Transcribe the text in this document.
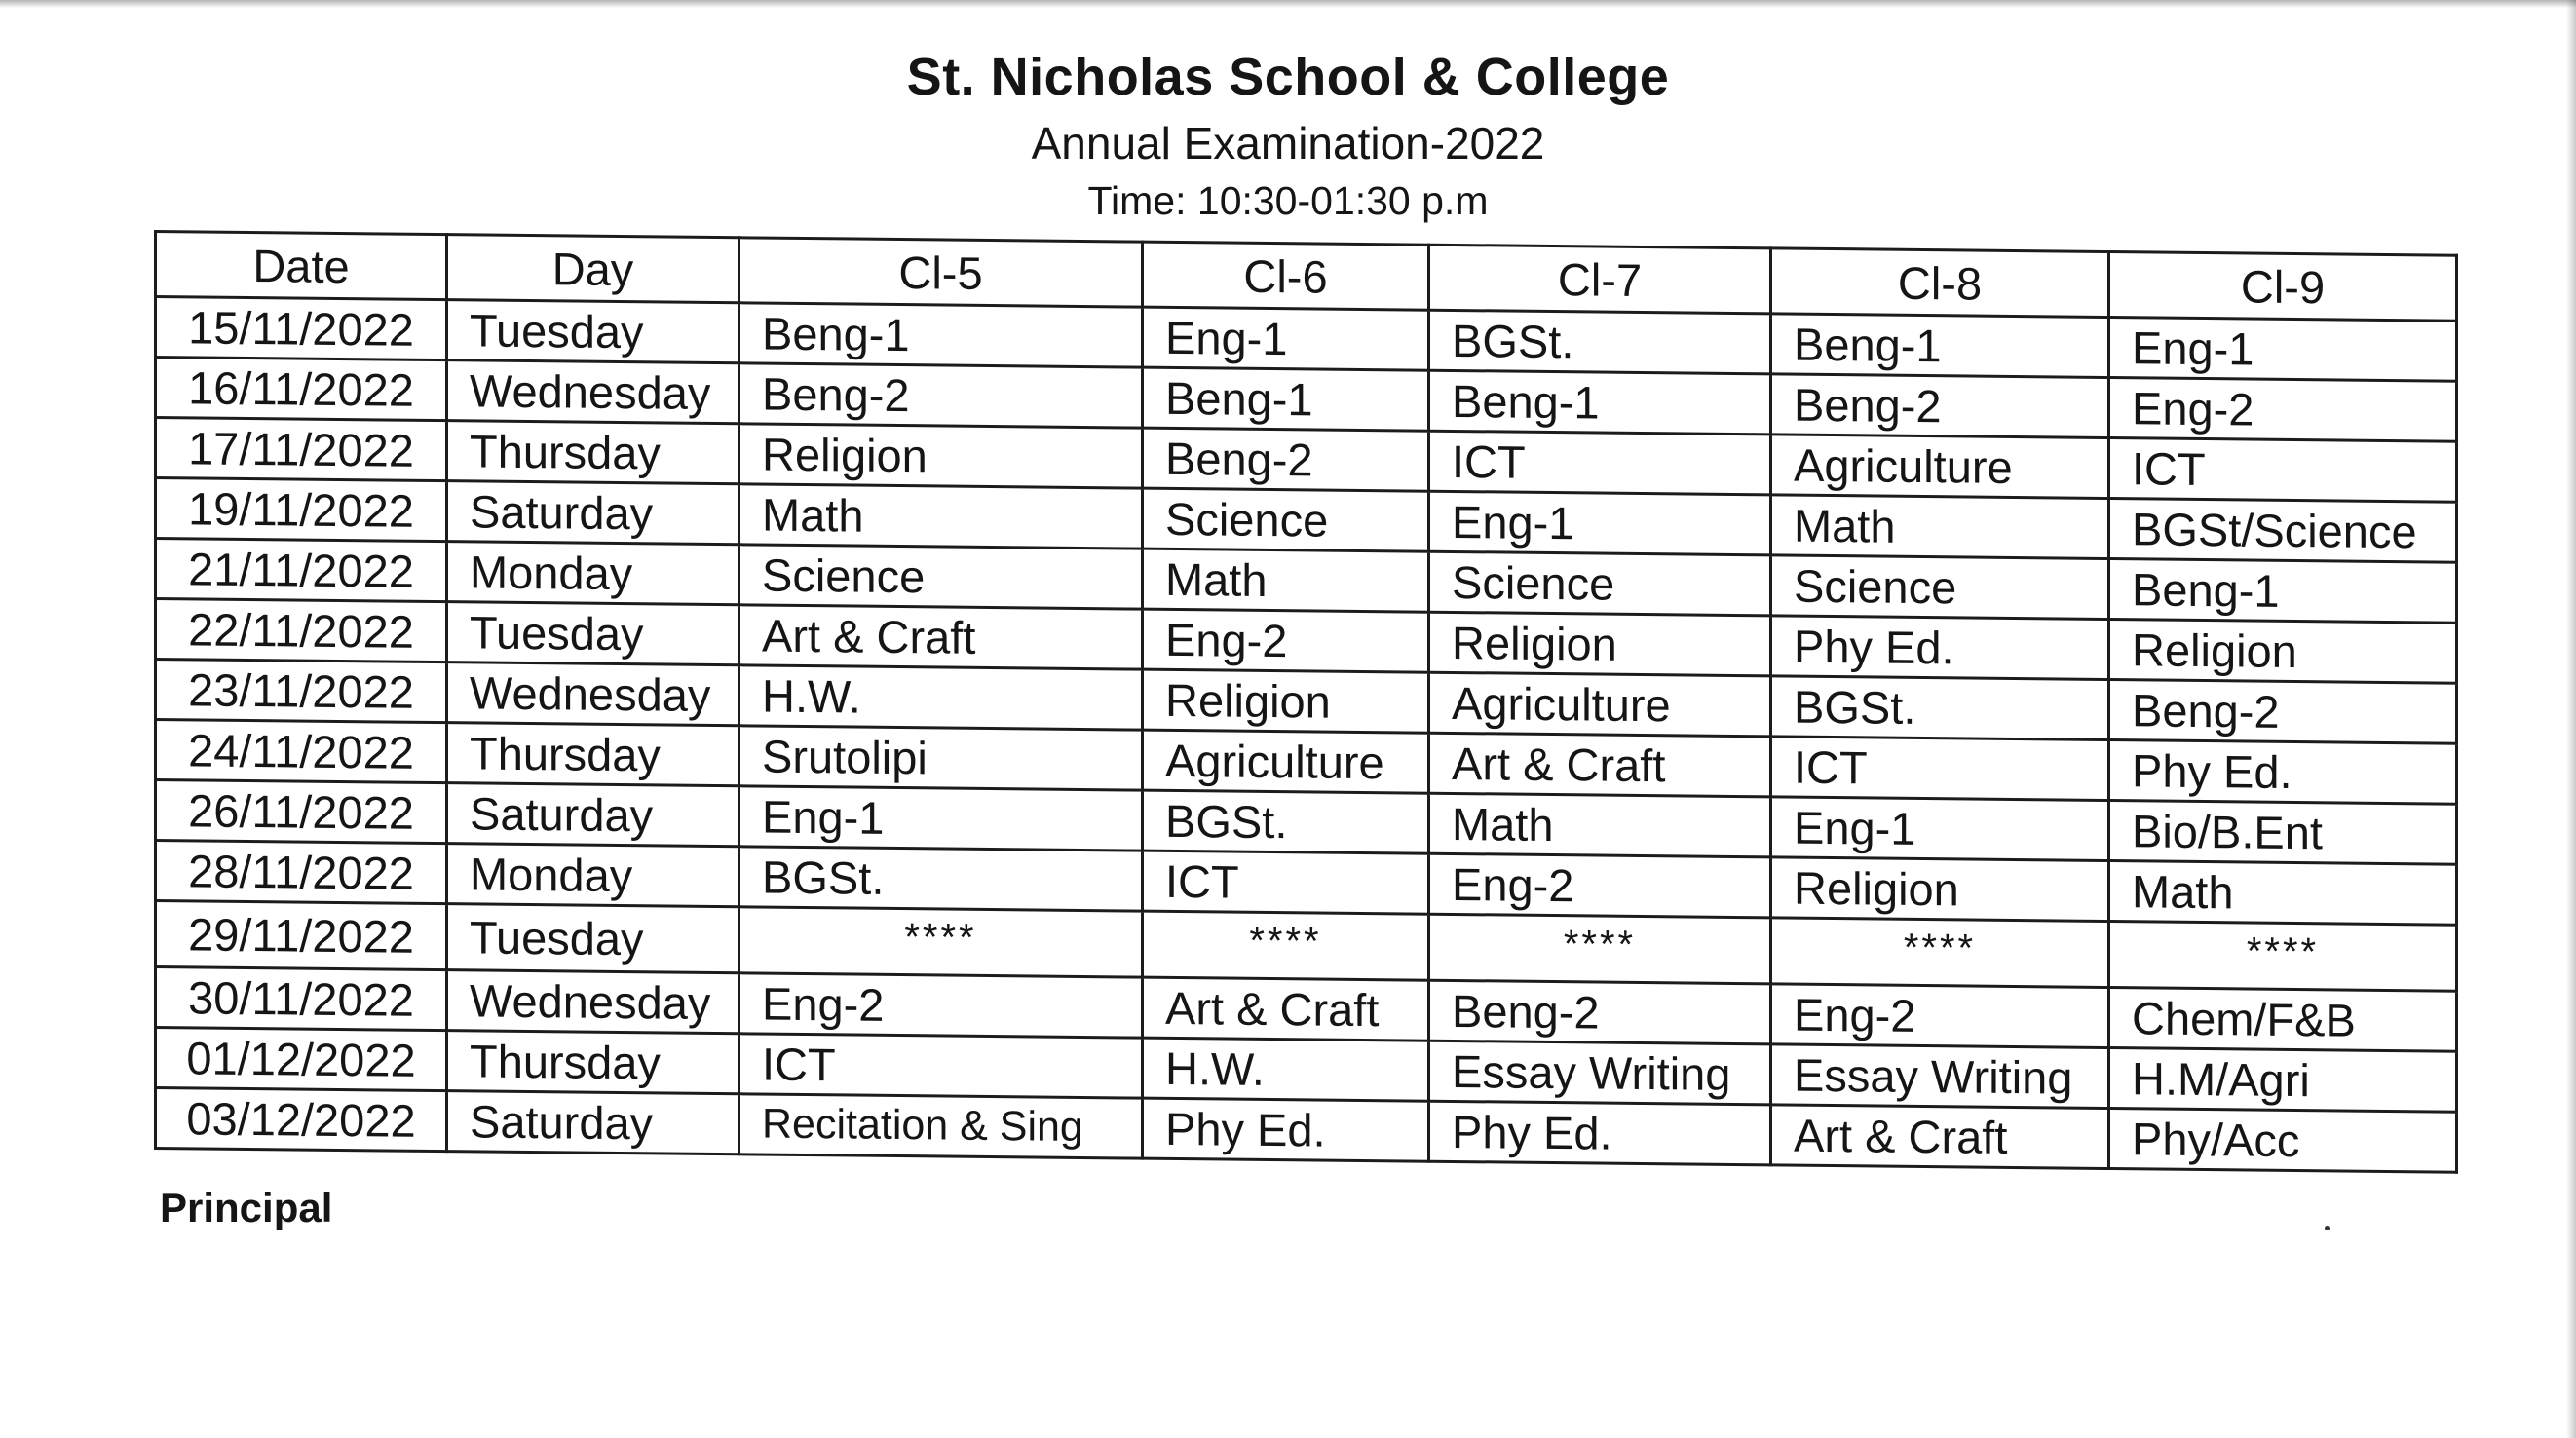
St. Nicholas School & College
Annual Examination-2022
Time: 10:30-01:30 p.m
Date	Day	Cl-5	Cl-6	Cl-7	Cl-8	Cl-9
15/11/2022	Tuesday	Beng-1	Eng-1	BGSt.	Beng-1	Eng-1
16/11/2022	Wednesday	Beng-2	Beng-1	Beng-1	Beng-2	Eng-2
17/11/2022	Thursday	Religion	Beng-2	ICT	Agriculture	ICT
19/11/2022	Saturday	Math	Science	Eng-1	Math	BGSt/Science
21/11/2022	Monday	Science	Math	Science	Science	Beng-1
22/11/2022	Tuesday	Art & Craft	Eng-2	Religion	Phy Ed.	Religion
23/11/2022	Wednesday	H.W.	Religion	Agriculture	BGSt.	Beng-2
24/11/2022	Thursday	Srutolipi	Agriculture	Art & Craft	ICT	Phy Ed.
26/11/2022	Saturday	Eng-1	BGSt.	Math	Eng-1	Bio/B.Ent
28/11/2022	Monday	BGSt.	ICT	Eng-2	Religion	Math
29/11/2022	Tuesday	****	****	****	****	****
30/11/2022	Wednesday	Eng-2	Art & Craft	Beng-2	Eng-2	Chem/F&B
01/12/2022	Thursday	ICT	H.W.	Essay Writing	Essay Writing	H.M/Agri
03/12/2022	Saturday	Recitation & Sing	Phy Ed.	Phy Ed.	Art & Craft	Phy/Acc
Principal
